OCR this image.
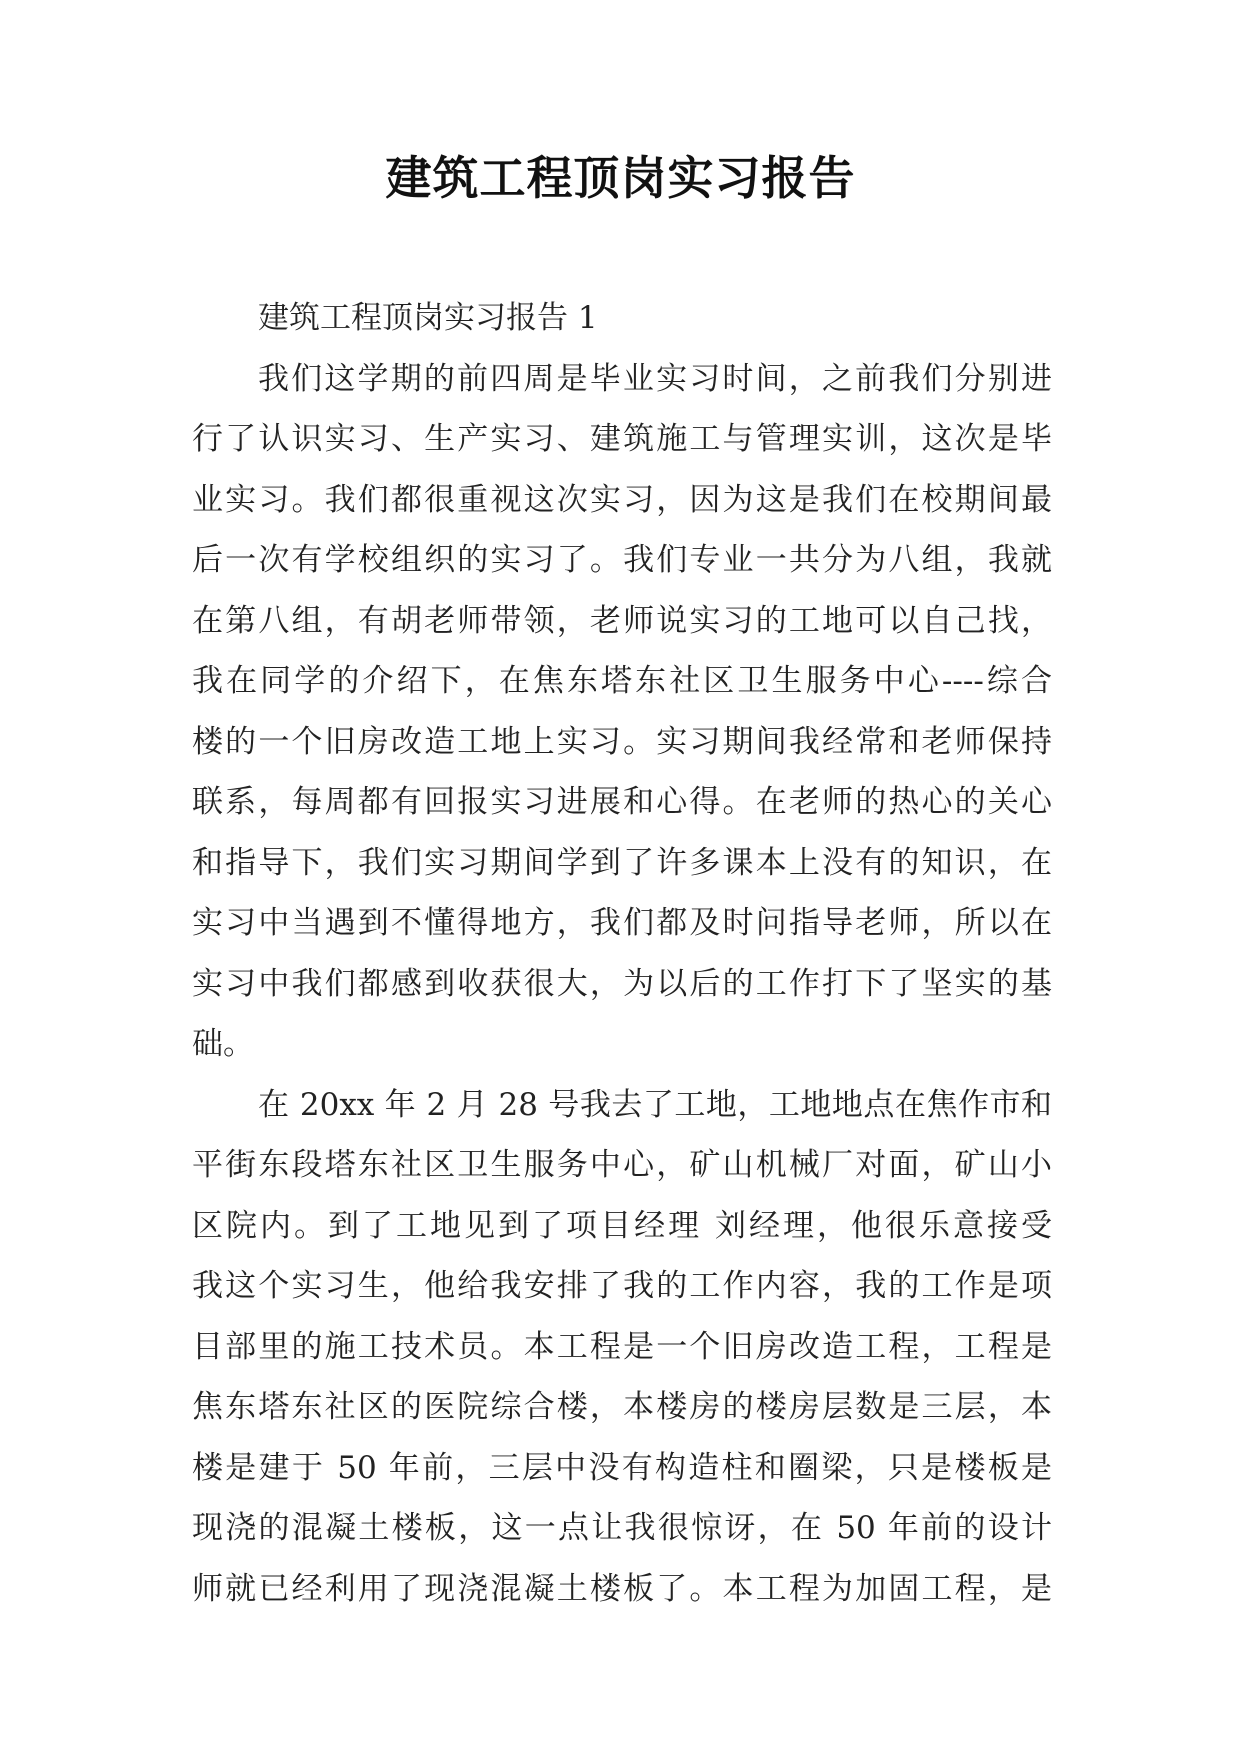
建筑工程顶岗实习报告
建筑工程顶岗实习报告 1
我们这学期的前四周是毕业实习时间，之前我们分别进
行了认识实习、生产实习、建筑施工与管理实训，这次是毕
业实习。我们都很重视这次实习，因为这是我们在校期间最
后一次有学校组织的实习了。我们专业一共分为八组，我就
在第八组，有胡老师带领，老师说实习的工地可以自己找，
我在同学的介绍下，在焦东塔东社区卫生服务中心----综合
楼的一个旧房改造工地上实习。实习期间我经常和老师保持
联系，每周都有回报实习进展和心得。在老师的热心的关心
和指导下，我们实习期间学到了许多课本上没有的知识，在
实习中当遇到不懂得地方，我们都及时问指导老师，所以在
实习中我们都感到收获很大，为以后的工作打下了坚实的基
础。
在 20xx 年 2 月 28 号我去了工地，工地地点在焦作市和
平街东段塔东社区卫生服务中心，矿山机械厂对面，矿山小
区院内。到了工地见到了项目经理 刘经理，他很乐意接受
我这个实习生，他给我安排了我的工作内容，我的工作是项
目部里的施工技术员。本工程是一个旧房改造工程，工程是
焦东塔东社区的医院综合楼，本楼房的楼房层数是三层，本
楼是建于 50 年前，三层中没有构造柱和圈梁，只是楼板是
现浇的混凝土楼板，这一点让我很惊讶，在 50 年前的设计
师就已经利用了现浇混凝土楼板了。本工程为加固工程，是
